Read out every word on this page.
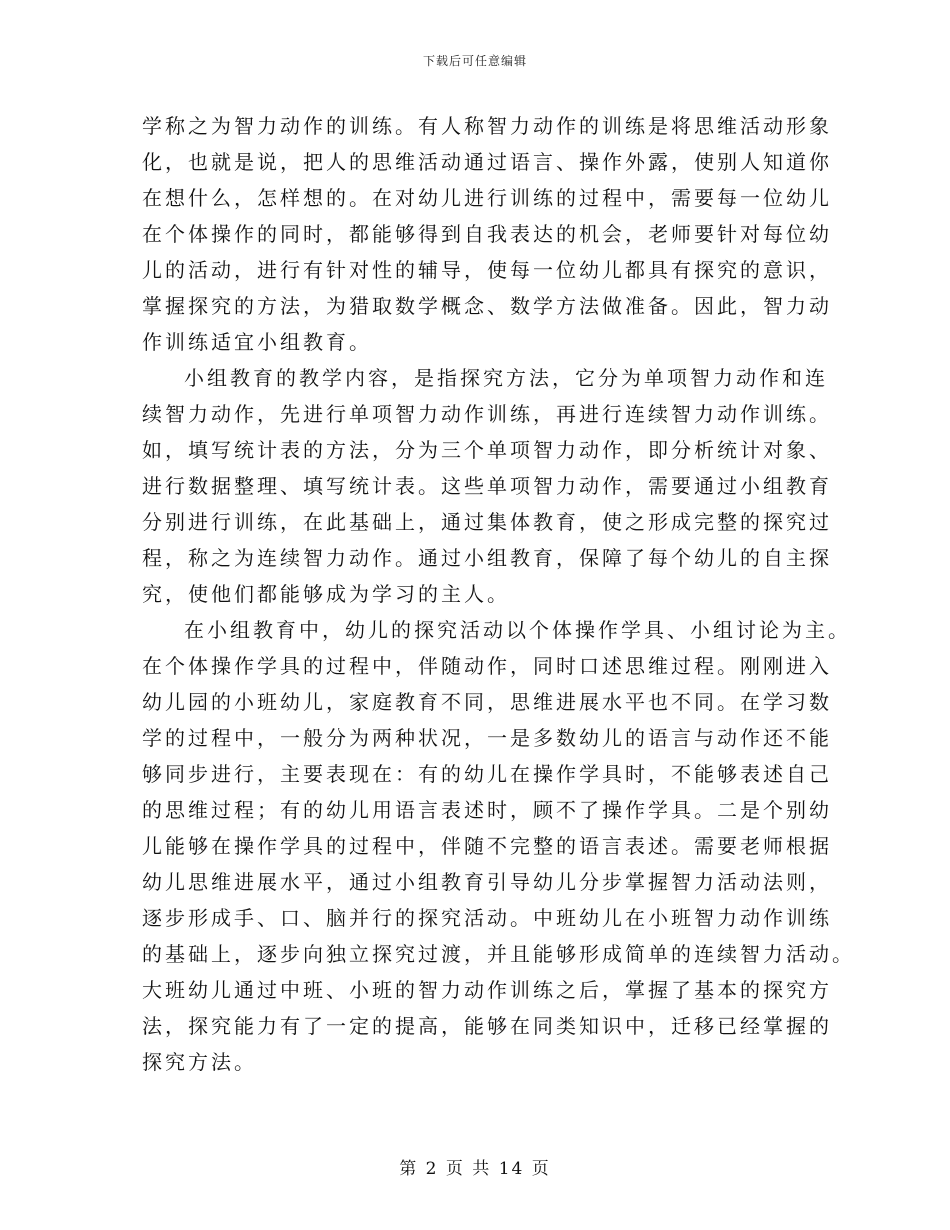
下载后可任意编辑

学称之为智力动作的训练。有人称智力动作的训练是将思维活动形象
化，也就是说，把人的思维活动通过语言、操作外露，使别人知道你
在想什么，怎样想的。在对幼儿进行训练的过程中，需要每一位幼儿
在个体操作的同时，都能够得到自我表达的机会，老师要针对每位幼
儿的活动，进行有针对性的辅导，使每一位幼儿都具有探究的意识，
掌握探究的方法，为猎取数学概念、数学方法做准备。因此，智力动
作训练适宜小组教育。

小组教育的教学内容，是指探究方法，它分为单项智力动作和连
续智力动作，先进行单项智力动作训练，再进行连续智力动作训练。
如，填写统计表的方法，分为三个单项智力动作，即分析统计对象、
进行数据整理、填写统计表。这些单项智力动作，需要通过小组教育
分别进行训练，在此基础上，通过集体教育，使之形成完整的探究过
程，称之为连续智力动作。通过小组教育，保障了每个幼儿的自主探
究，使他们都能够成为学习的主人。

在小组教育中，幼儿的探究活动以个体操作学具、小组讨论为主。
在个体操作学具的过程中，伴随动作，同时口述思维过程。刚刚进入
幼儿园的小班幼儿，家庭教育不同，思维进展水平也不同。在学习数
学的过程中，一般分为两种状况，一是多数幼儿的语言与动作还不能
够同步进行，主要表现在：有的幼儿在操作学具时，不能够表述自己
的思维过程；有的幼儿用语言表述时，顾不了操作学具。二是个别幼
儿能够在操作学具的过程中，伴随不完整的语言表述。需要老师根据
幼儿思维进展水平，通过小组教育引导幼儿分步掌握智力活动法则，
逐步形成手、口、脑并行的探究活动。中班幼儿在小班智力动作训练
的基础上，逐步向独立探究过渡，并且能够形成简单的连续智力活动。
大班幼儿通过中班、小班的智力动作训练之后，掌握了基本的探究方
法，探究能力有了一定的提高，能够在同类知识中，迁移已经掌握的
探究方法。

第 2 页 共 14 页
